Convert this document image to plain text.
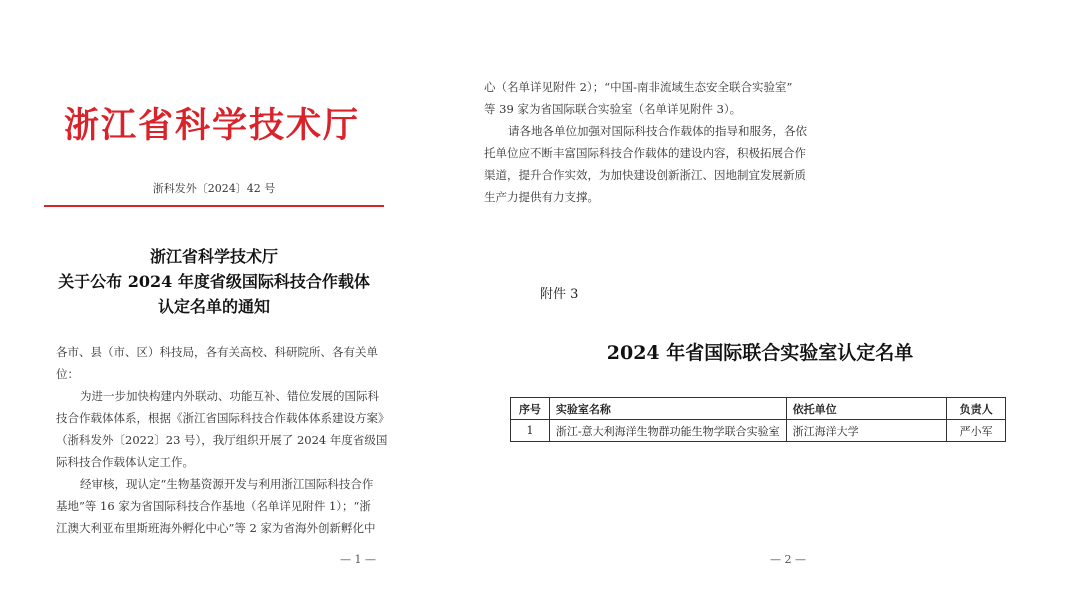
浙江省科学技术厅
浙科发外〔2024〕42 号
浙江省科学技术厅
关于公布 2024 年度省级国际科技合作载体
认定名单的通知
各市、县（市、区）科技局，各有关高校、科研院所、各有关单
位：
为进一步加快构建内外联动、功能互补、错位发展的国际科
技合作载体体系，根据《浙江省国际科技合作载体体系建设方案》
（浙科发外〔2022〕23 号），我厅组织开展了 2024 年度省级国
际科技合作载体认定工作。
经审核，现认定“生物基资源开发与利用浙江国际科技合作
基地”等 16 家为省国际科技合作基地（名单详见附件 1）；“浙
江澳大利亚布里斯班海外孵化中心”等 2 家为省海外创新孵化中
— 1 —
心（名单详见附件 2）；“中国-南非流域生态安全联合实验室”
等 39 家为省国际联合实验室（名单详见附件 3）。
请各地各单位加强对国际科技合作载体的指导和服务，各依
托单位应不断丰富国际科技合作载体的建设内容，积极拓展合作
渠道，提升合作实效，为加快建设创新浙江、因地制宜发展新质
生产力提供有力支撑。
附件 3
2024 年省国际联合实验室认定名单
序号	实验室名称	依托单位	负责人
1	浙江-意大利海洋生物群功能生物学联合实验室	浙江海洋大学	严小军
— 2 —
